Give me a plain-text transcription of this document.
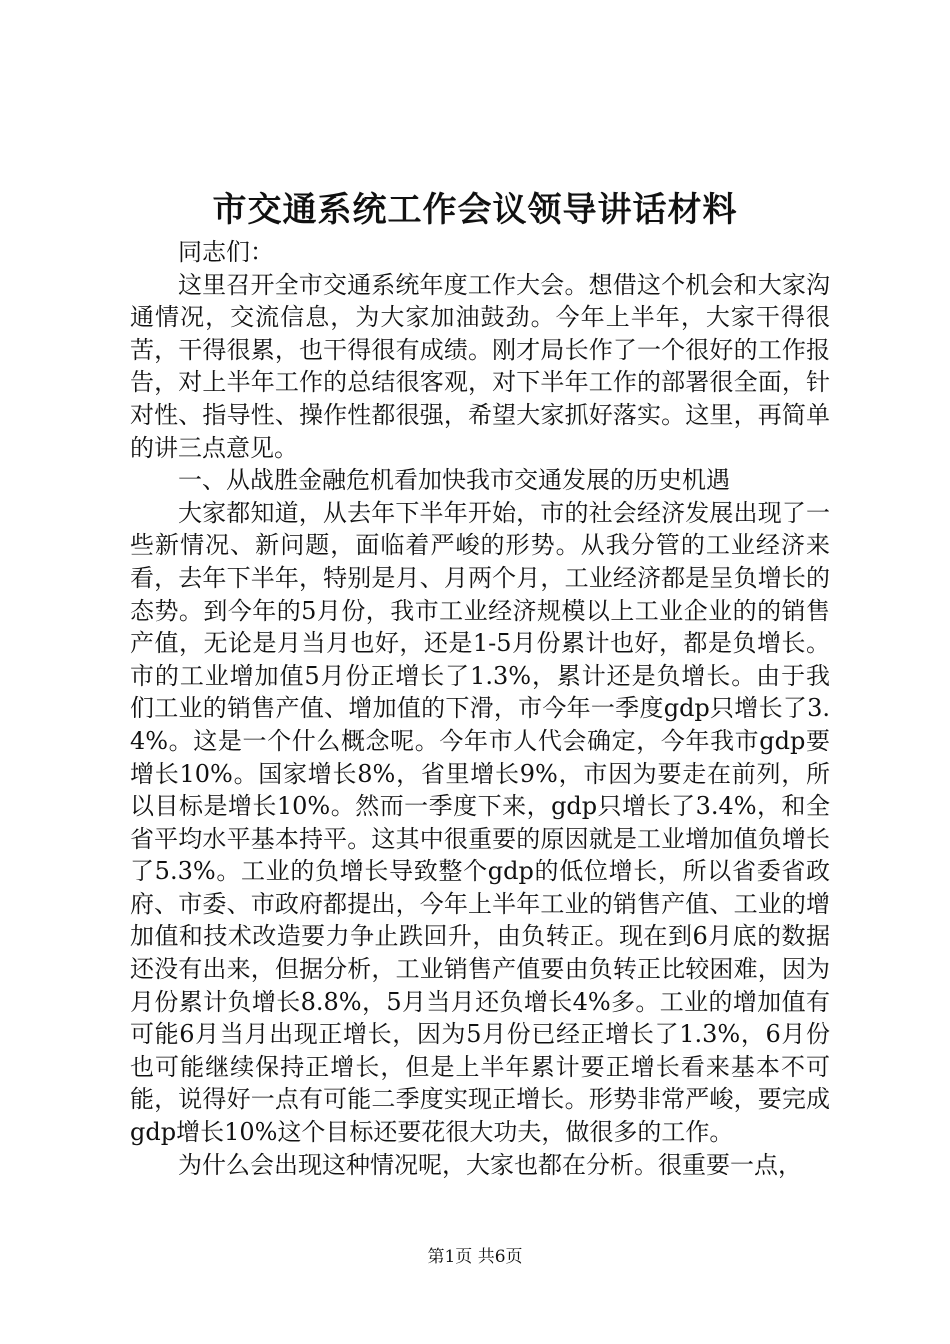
市交通系统工作会议领导讲话材料

同志们：

这里召开全市交通系统年度工作大会。想借这个机会和大家沟通情况，交流信息，为大家加油鼓劲。今年上半年，大家干得很苦，干得很累，也干得很有成绩。刚才局长作了一个很好的工作报告，对上半年工作的总结很客观，对下半年工作的部署很全面，针对性、指导性、操作性都很强，希望大家抓好落实。这里，再简单的讲三点意见。

一、从战胜金融危机看加快我市交通发展的历史机遇

大家都知道，从去年下半年开始，市的社会经济发展出现了一些新情况、新问题，面临着严峻的形势。从我分管的工业经济来看，去年下半年，特别是月、月两个月，工业经济都是呈负增长的态势。到今年的5月份，我市工业经济规模以上工业企业的的销售产值，无论是月当月也好，还是1-5月份累计也好，都是负增长。市的工业增加值5月份正增长了1.3%，累计还是负增长。由于我们工业的销售产值、增加值的下滑，市今年一季度gdp只增长了3.4%。这是一个什么概念呢。今年市人代会确定，今年我市gdp要增长10%。国家增长8%，省里增长9%，市因为要走在前列，所以目标是增长10%。然而一季度下来，gdp只增长了3.4%，和全省平均水平基本持平。这其中很重要的原因就是工业增加值负增长了5.3%。工业的负增长导致整个gdp的低位增长，所以省委省政府、市委、市政府都提出，今年上半年工业的销售产值、工业的增加值和技术改造要力争止跌回升，由负转正。现在到6月底的数据还没有出来，但据分析，工业销售产值要由负转正比较困难，因为月份累计负增长8.8%，5月当月还负增长4%多。工业的增加值有可能6月当月出现正增长，因为5月份已经正增长了1.3%，6月份也可能继续保持正增长，但是上半年累计要正增长看来基本不可能，说得好一点有可能二季度实现正增长。形势非常严峻，要完成gdp增长10%这个目标还要花很大功夫，做很多的工作。

为什么会出现这种情况呢，大家也都在分析。很重要一点，

第1页 共6页
